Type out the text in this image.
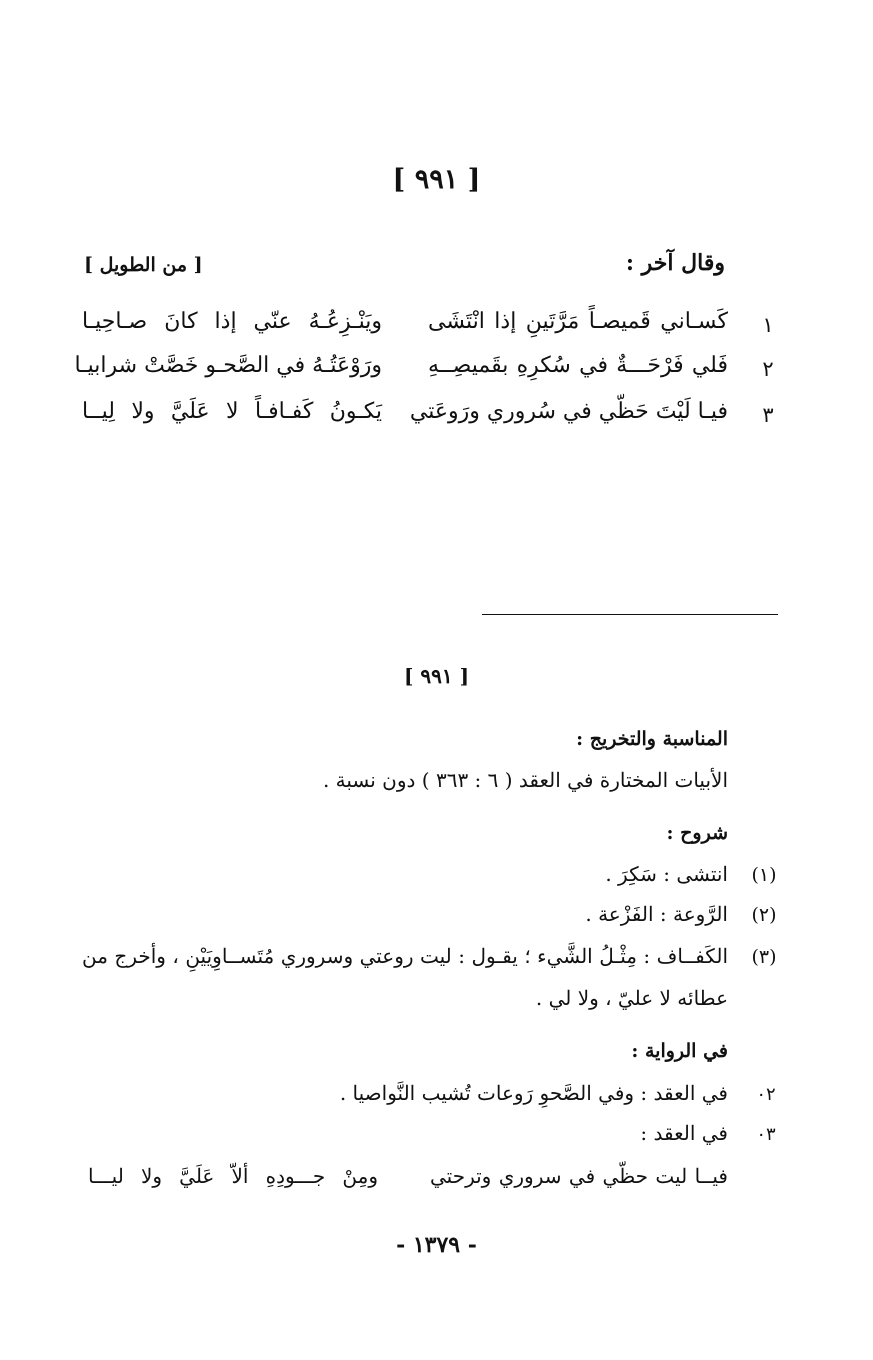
[ ٩٩١ ]
وقال آخر :
[ من الطويل ]
١
كَسـاني قَميصـاً مَرَّتَينِ إذا انْتَشَى
ويَنْـزِعُـهُ عنّي إذا كانَ صـاحِيـا
٢
فَلي فَرْحَـــةٌ في سُكرِهِ بقَميصِــهِ
ورَوْعَتُـهُ في الصَّحـو خَصَّتْ شرابيـا
٣
فيـا لَيْتَ حَظّي في سُروري ورَوعَتي
يَكـونُ كَفـافـاً لا عَلَيَّ ولا لِيــا
[ ٩٩١ ]
المناسبة والتخريج :
الأبيات المختارة في العقد ( ٦ : ٣٦٣ ) دون نسبة .
شروح :
(١)
انتشى : سَكِرَ .
(٢)
الرَّوعة : الفَزْعة .
(٣)
الكَفــاف : مِثْـلُ الشَّيء ؛ يقـول : ليت روعتي وسروري مُتَســاوِيَيْنِ ، وأخرج من
عطائه لا عليّ ، ولا لي .
في الرواية :
٠٢
في العقد : وفي الصَّحوِ رَوعات تُشيب النَّواصيا .
٠٣
في العقد :
فيــا ليت حظّي في سروري وترحتي
ومِنْ جـــودِهِ ألاّ عَلَيَّ ولا ليـــا
- ١٣٧٩ -
